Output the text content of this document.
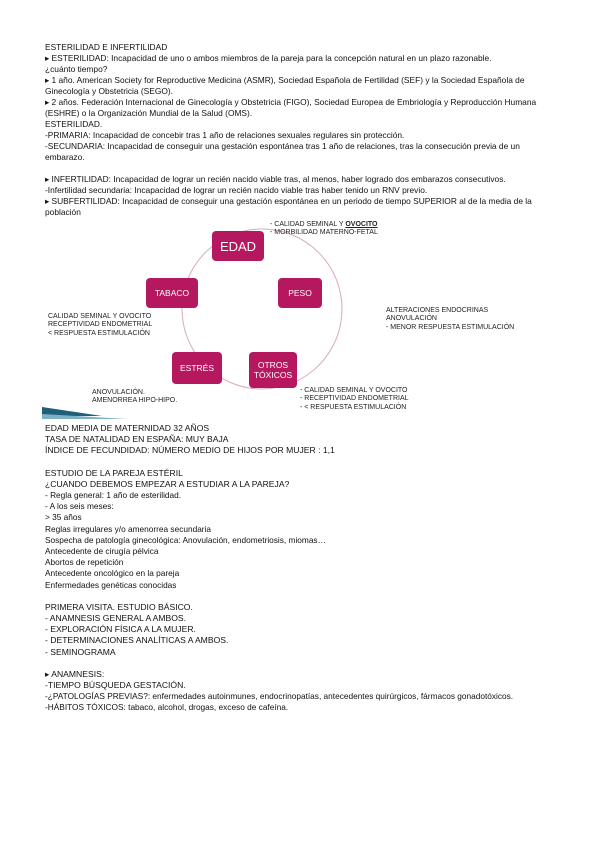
ESTERILIDAD E INFERTILIDAD

▸ ESTERILIDAD: Incapacidad de uno o ambos miembros de la pareja para la concepción natural en un plazo razonable.

¿cuánto tiempo?

▸ 1 año. American Society for Reproductive Medicina (ASMR), Sociedad Española de Fertilidad (SEF) y la Sociedad Española de Ginecología y Obstetricia (SEGO).

▸ 2 años. Federación Internacional de Ginecología y Obstetricia (FIGO), Sociedad Europea de Embriología y Reproducción Humana (ESHRE) o la Organización Mundial de la Salud (OMS).

ESTERILIDAD.

-PRIMARIA: Incapacidad de concebir tras 1 año de relaciones sexuales regulares sin protección.

-SECUNDARIA: Incapacidad de conseguir una gestación espontánea tras 1 año de relaciones, tras la consecución previa de un embarazo.

▸ INFERTILIDAD: Incapacidad de lograr un recién nacido viable tras, al menos, haber logrado dos embarazos consecutivos.

-Infertilidad secundaria: Incapacidad de lograr un recién nacido viable tras haber tenido un RNV previo.

▸ SUBFERTILIDAD: Incapacidad de conseguir una gestación espontánea en un periodo de tiempo SUPERIOR al de la media de la población

EDAD
PESO
TABACO
ESTRÉS	OTROS TÓXICOS
- CALIDAD SEMINAL Y OVOCITO
- MORBILIDAD MATERNO-FETAL
ALTERACIONES ENDOCRINAS
ANOVULACIÓN
- MENOR RESPUESTA ESTIMULACIÓN
CALIDAD SEMINAL Y OVOCITO
RECEPTIVIDAD ENDOMETRIAL
< RESPUESTA ESTIMULACIÓN
ANOVULACIÓN.
AMENORREA HIPO-HIPO.
- CALIDAD SEMINAL Y OVOCITO
- RECEPTIVIDAD ENDOMETRIAL
- < RESPUESTA ESTIMULACIÓN

EDAD MEDIA DE MATERNIDAD 32 AÑOS

TASA DE NATALIDAD EN ESPAÑA: MUY BAJA

ÍNDICE DE FECUNDIDAD: NÚMERO MEDIO DE HIJOS POR MUJER : 1,1

ESTUDIO DE LA PAREJA ESTÉRIL

¿CUANDO DEBEMOS EMPEZAR A ESTUDIAR A LA PAREJA?

- Regla general: 1 año de esterilidad.

- A los seis meses:

> 35 años

Reglas irregulares y/o amenorrea secundaria

Sospecha de patología ginecológica: Anovulación, endometriosis, miomas…

Antecedente de cirugía pélvica

Abortos de repetición

Antecedente oncológico en la pareja

Enfermedades genéticas conocidas

PRIMERA VISITA. ESTUDIO BÁSICO.

- ANAMNESIS GENERAL A AMBOS.

- EXPLORACIÓN FÍSICA A LA MUJER.

- DETERMINACIONES ANALÍTICAS A AMBOS.

- SEMINOGRAMA

▸ ANAMNESIS:

-TIEMPO BÚSQUEDA GESTACIÓN.

-¿PATOLOGÍAS PREVIAS?: enfermedades autoinmunes, endocrinopatías, antecedentes quirúrgicos, fármacos gonadotóxicos.

-HÁBITOS TÓXICOS: tabaco, alcohol, drogas, exceso de cafeína.
